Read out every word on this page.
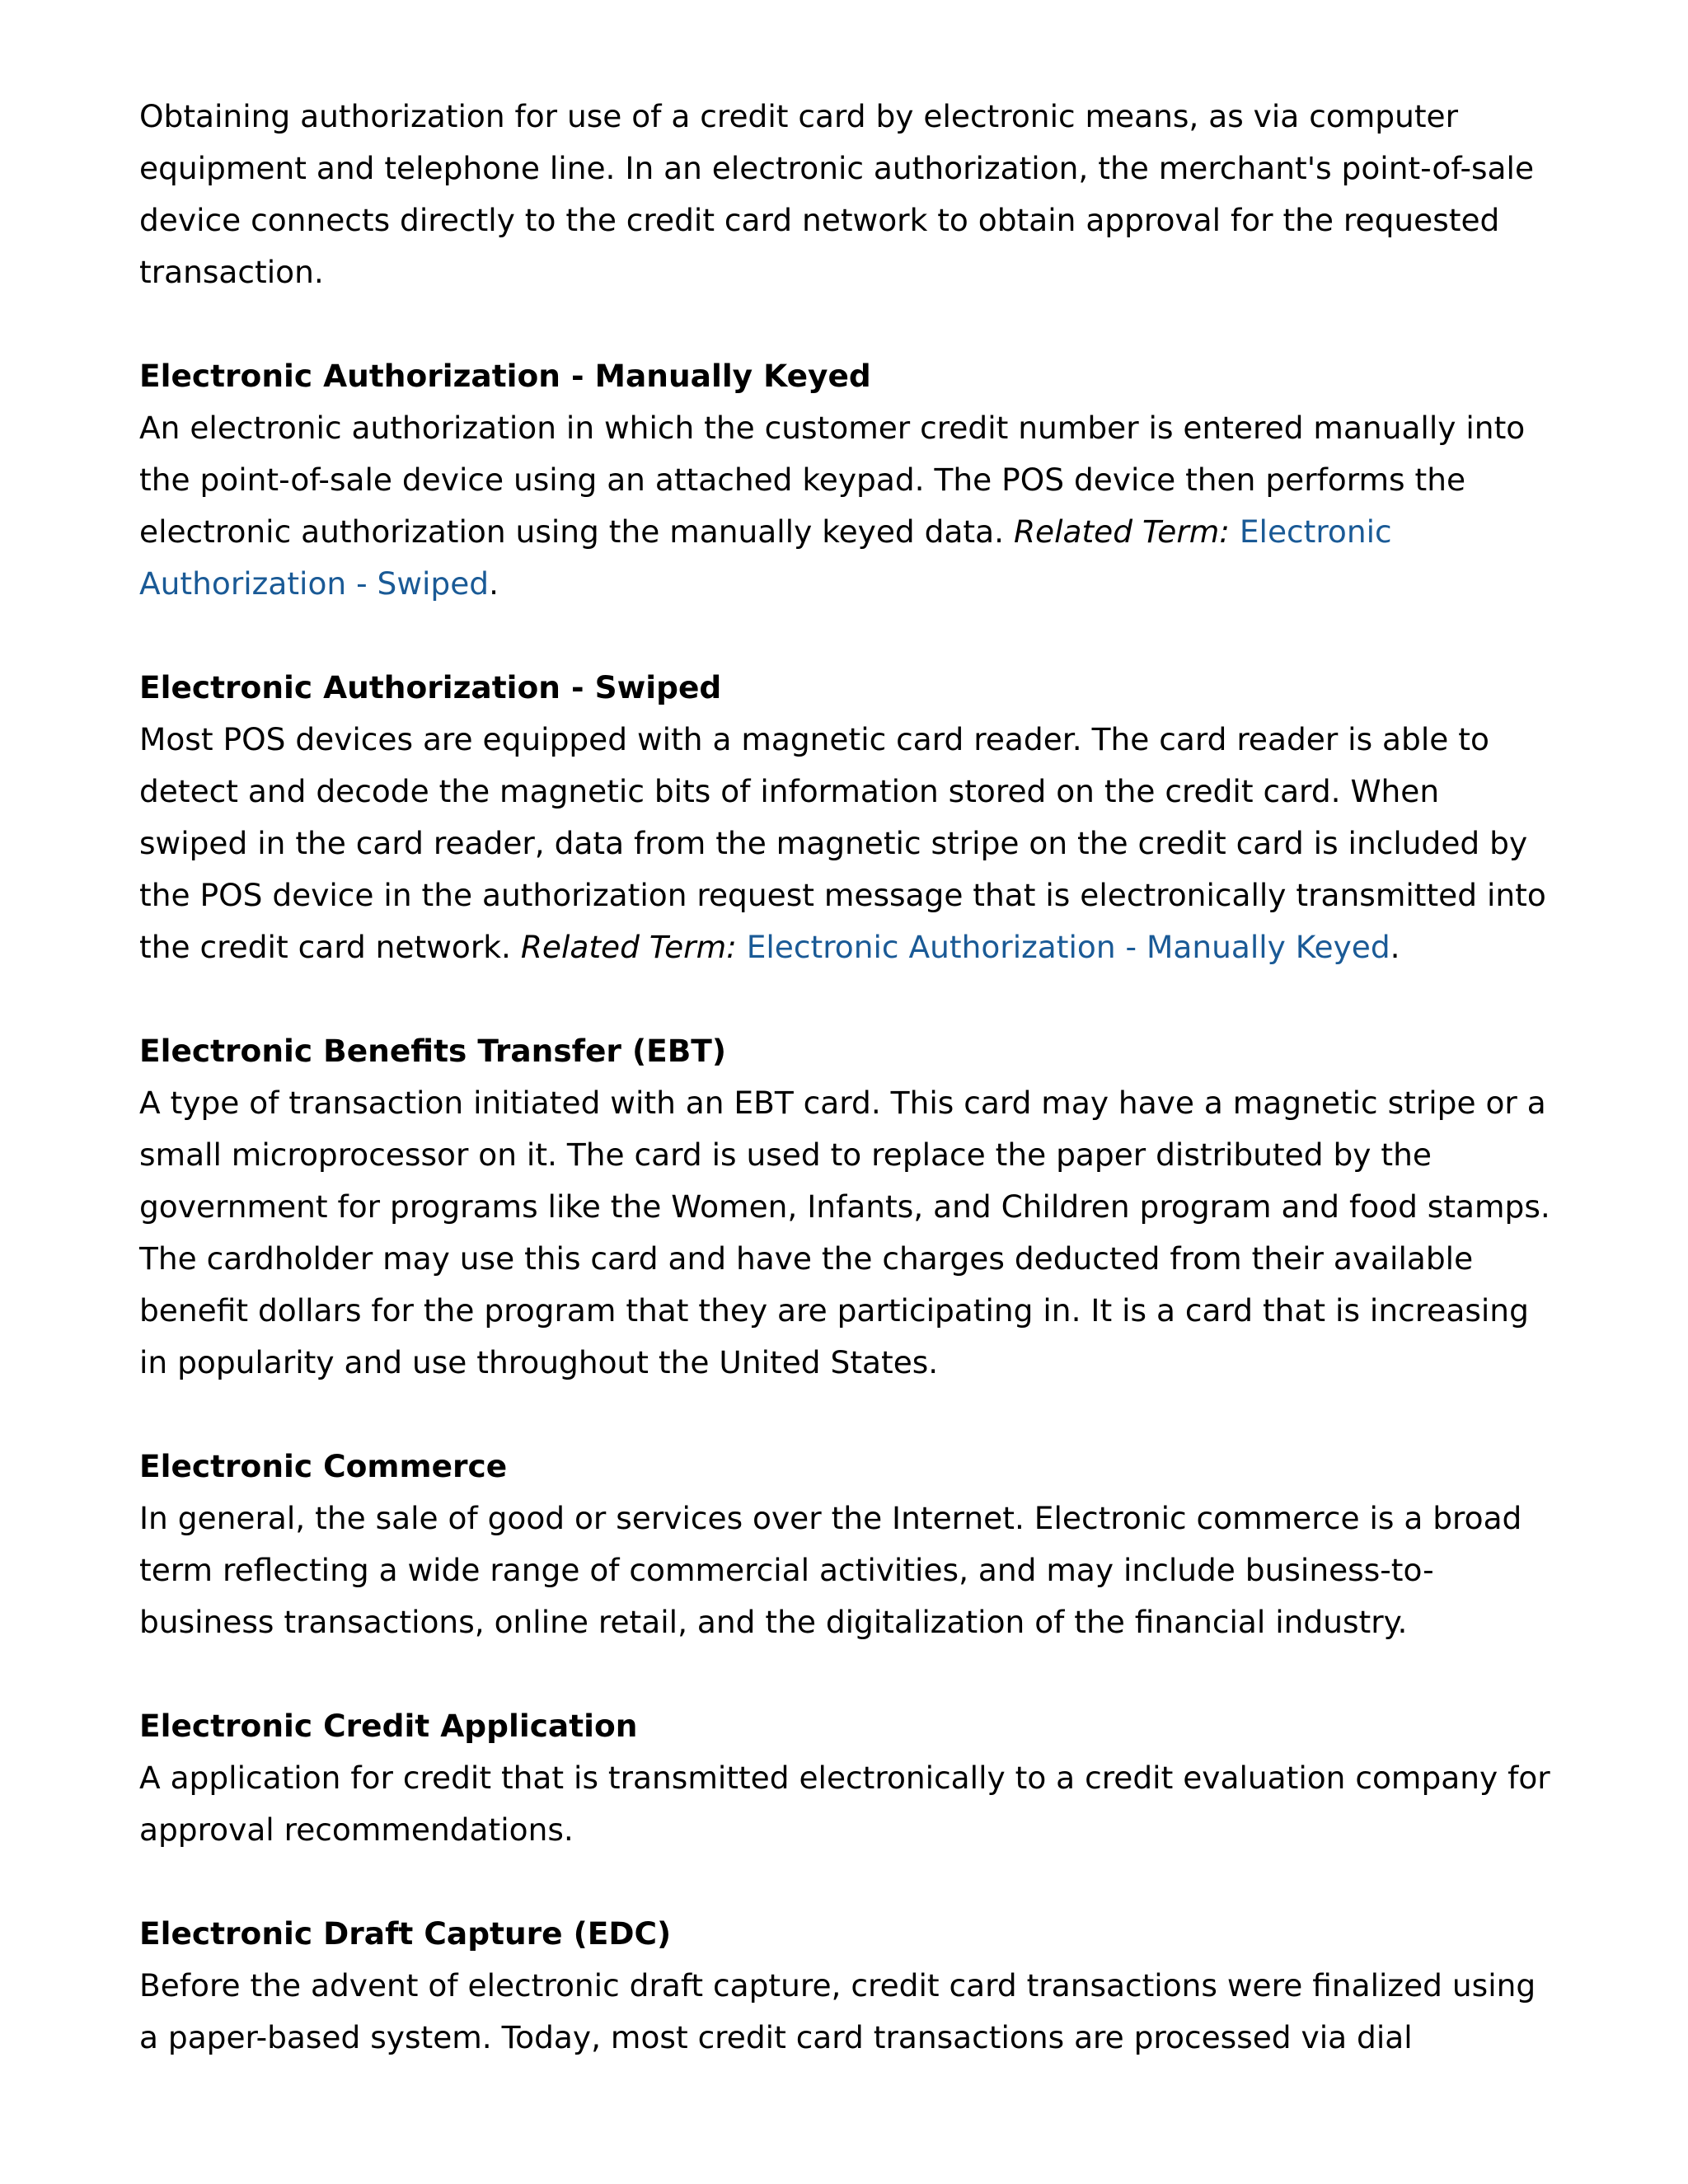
Obtaining authorization for use of a credit card by electronic means, as via computer equipment and telephone line. In an electronic authorization, the merchant's point-of-sale device connects directly to the credit card network to obtain approval for the requested transaction.

Electronic Authorization - Manually Keyed

An electronic authorization in which the customer credit number is entered manually into the point-of-sale device using an attached keypad. The POS device then performs the electronic authorization using the manually keyed data. Related Term: Electronic Authorization - Swiped.

Electronic Authorization - Swiped

Most POS devices are equipped with a magnetic card reader. The card reader is able to detect and decode the magnetic bits of information stored on the credit card. When swiped in the card reader, data from the magnetic stripe on the credit card is included by the POS device in the authorization request message that is electronically transmitted into the credit card network. Related Term: Electronic Authorization - Manually Keyed.

Electronic Benefits Transfer (EBT)

A type of transaction initiated with an EBT card. This card may have a magnetic stripe or a small microprocessor on it. The card is used to replace the paper distributed by the government for programs like the Women, Infants, and Children program and food stamps. The cardholder may use this card and have the charges deducted from their available benefit dollars for the program that they are participating in. It is a card that is increasing in popularity and use throughout the United States.

Electronic Commerce

In general, the sale of good or services over the Internet. Electronic commerce is a broad term reflecting a wide range of commercial activities, and may include business-to-business transactions, online retail, and the digitalization of the financial industry.

Electronic Credit Application

A application for credit that is transmitted electronically to a credit evaluation company for approval recommendations.

Electronic Draft Capture (EDC)

Before the advent of electronic draft capture, credit card transactions were finalized using a paper-based system. Today, most credit card transactions are processed via dial
